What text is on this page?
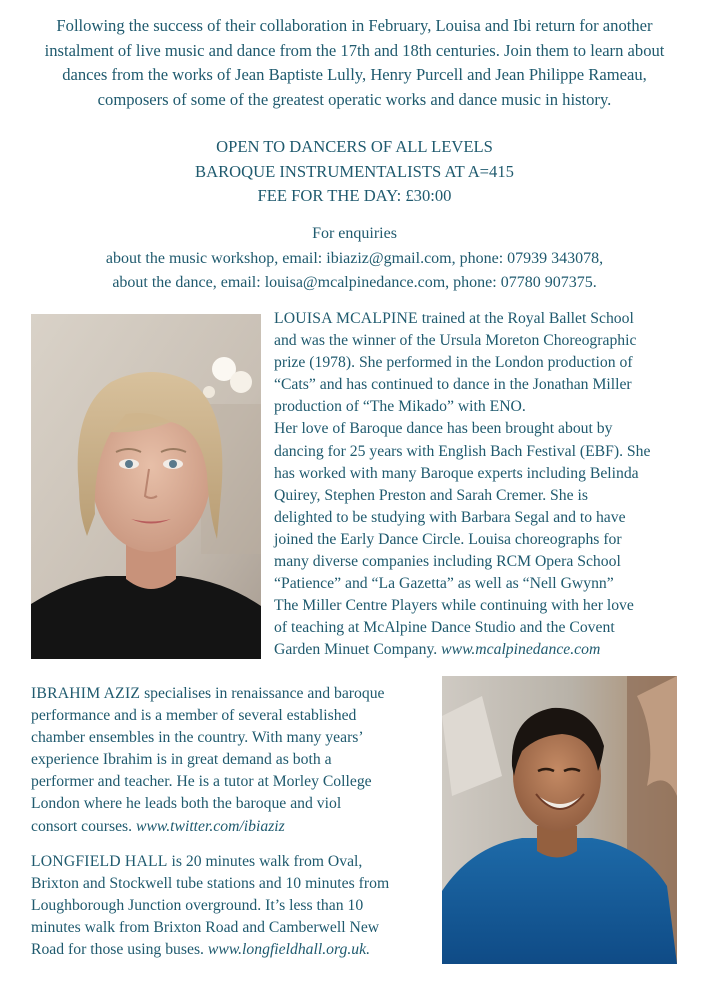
Following the success of their collaboration in February, Louisa and Ibi return for another
instalment of live music and dance from the 17th and 18th centuries. Join them to learn about
dances from the works of Jean Baptiste Lully, Henry Purcell and Jean Philippe Rameau,
composers of some of the greatest operatic works and dance music in history.
OPEN TO DANCERS OF ALL LEVELS
BAROQUE INSTRUMENTALISTS AT A=415
FEE FOR THE DAY: £30:00
For enquiries
about the music workshop, email: ibiaziz@gmail.com, phone: 07939 343078,
about the dance, email: louisa@mcalpinedance.com, phone: 07780 907375.
LOUISA MCALPINE trained at the Royal Ballet School
and was the winner of the Ursula Moreton Choreographic
prize (1978). She performed in the London production of
“Cats” and has continued to dance in the Jonathan Miller
production of “The Mikado” with ENO.
Her love of Baroque dance has been brought about by
dancing for 25 years with English Bach Festival (EBF). She
has worked with many Baroque experts including Belinda
Quirey, Stephen Preston and Sarah Cremer. She is
delighted to be studying with Barbara Segal and to have
joined the Early Dance Circle. Louisa choreographs for
many diverse companies including RCM Opera School
“Patience” and “La Gazetta” as well as “Nell Gwynn”
The Miller Centre Players while continuing with her love
of teaching at McAlpine Dance Studio and the Covent
Garden Minuet Company. www.mcalpinedance.com
IBRAHIM AZIZ specialises in renaissance and baroque
performance and is a member of several established
chamber ensembles in the country. With many years’
experience Ibrahim is in great demand as both a
performer and teacher. He is a tutor at Morley College
London where he leads both the baroque and viol
consort courses. www.twitter.com/ibiaziz
LONGFIELD HALL is 20 minutes walk from Oval,
Brixton and Stockwell tube stations and 10 minutes from
Loughborough Junction overground. It’s less than 10
minutes walk from Brixton Road and Camberwell New
Road for those using buses. www.longfieldhall.org.uk.
